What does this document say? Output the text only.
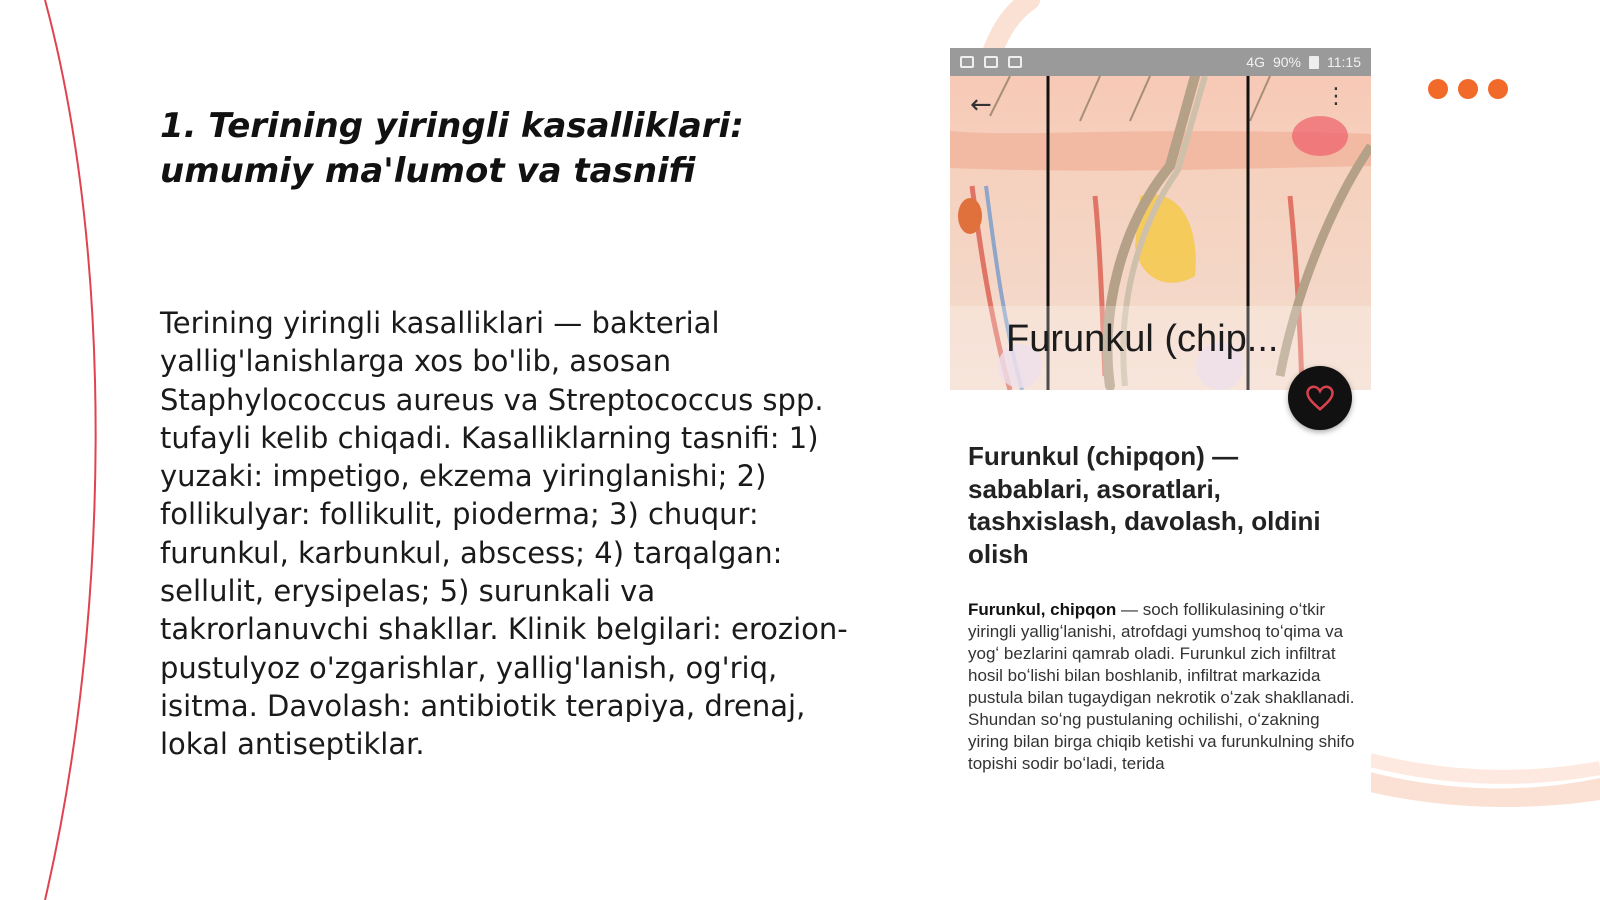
1. Terining yiringli kasalliklari: umumiy ma'lumot va tasnifi

Terining yiringli kasalliklari — bakterial yallig'lanishlarga xos bo'lib, asosan Staphylococcus aureus va Streptococcus spp. tufayli kelib chiqadi. Kasalliklarning tasnifi: 1) yuzaki: impetigo, ekzema yiringlanishi; 2) follikulyar: follikulit, pioderma; 3) chuqur: furunkul, karbunkul, abscess; 4) tarqalgan: sellulit, erysipelas; 5) surunkali va takrorlanuvchi shakllar. Klinik belgilari: erozion-pustulyoz o'zgarishlar, yallig'lanish, og'riq, isitma. Davolash: antibiotik terapiya, drenaj, lokal antiseptiklar.

4G 90% 11:15
←	⋮
Furunkul (chip...
Furunkul (chipqon) — sabablari, asoratlari, tashxislash, davolash, oldini olish

Furunkul, chipqon — soch follikulasining oʻtkir yiringli yalligʻlanishi, atrofdagi yumshoq toʻqima va yogʻ bezlarini qamrab oladi. Furunkul zich infiltrat hosil boʻlishi bilan boshlanib, infiltrat markazida pustula bilan tugaydigan nekrotik oʻzak shakllanadi. Shundan soʻng pustulaning ochilishi, oʻzakning yiring bilan birga chiqib ketishi va furunkulning shifo topishi sodir boʻladi, terida
